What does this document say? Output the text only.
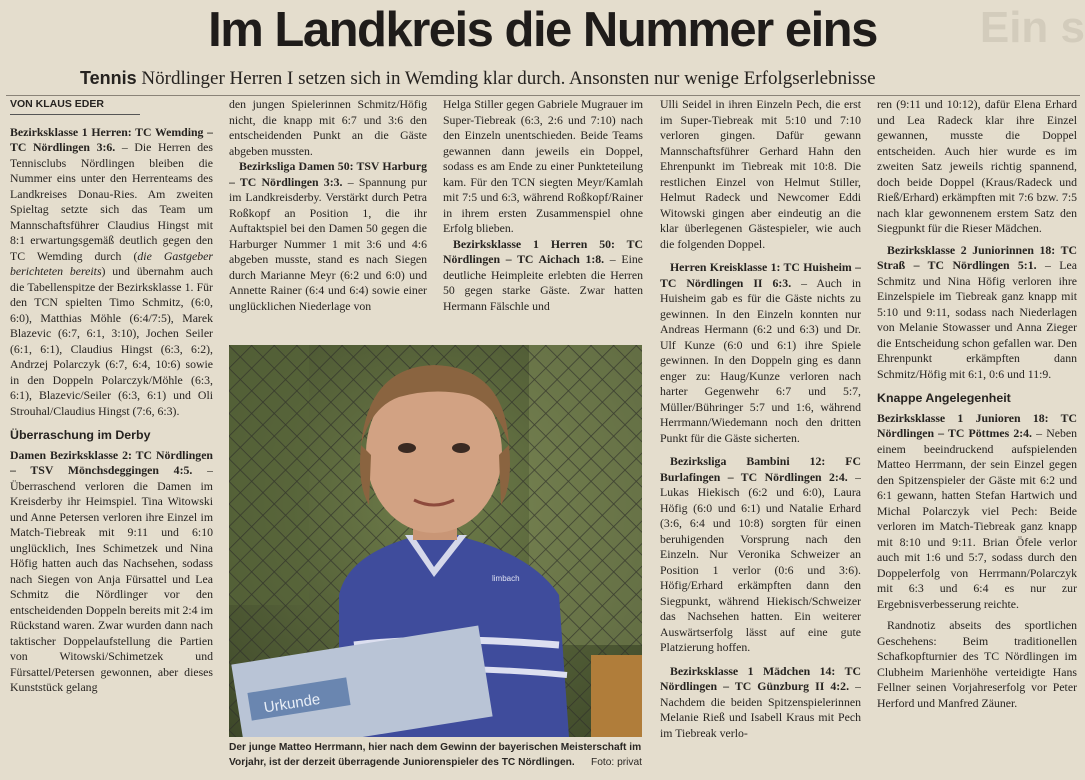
Ein s
Im Landkreis die Nummer eins
Tennis Nördlinger Herren I setzen sich in Wemding klar durch. Ansonsten nur wenige Erfolgserlebnisse
VON KLAUS EDER

Bezirksklasse 1 Herren: TC Wemding – TC Nördlingen 3:6. – Die Herren des Tennisclubs Nördlingen bleiben die Nummer eins unter den Herrenteams des Landkreises Donau-Ries. Am zweiten Spieltag setzte sich das Team um Mannschaftsführer Claudius Hingst mit 8:1 erwartungsgemäß deutlich gegen den TC Wemding durch (die Gastgeber berichteten bereits) und übernahm auch die Tabellenspitze der Bezirksklasse 1. Für den TCN spielten Timo Schmitz, (6:0, 6:0), Matthias Möhle (6:4/7:5), Marek Blazevic (6:7, 6:1, 3:10), Jochen Seiler (6:1, 6:1), Claudius Hingst (6:3, 6:2), Andrzej Polarczyk (6:7, 6:4, 10:6) sowie in den Doppeln Polarczyk/Möhle (6:3, 6:1), Blazevic/Seiler (6:3, 6:1) und Oli Strouhal/Claudius Hingst (7:6, 6:3).

Überraschung im Derby

Damen Bezirksklasse 2: TC Nördlingen – TSV Mönchsdeggingen 4:5. – Überraschend verloren die Damen im Kreisderby ihr Heimspiel. Tina Witowski und Anne Petersen verloren ihre Einzel im Match-Tiebreak mit 9:11 und 6:10 unglücklich, Ines Schimetzek und Nina Höfig hatten auch das Nachsehen, sodass nach Siegen von Anja Fürsattel und Lea Schmitz die Nördlinger vor den entscheidenden Doppeln bereits mit 2:4 im Rückstand waren. Zwar wurden dann nach taktischer Doppelaufstellung die Partien von Witowski/Schimetzek und Fürsattel/Petersen gewonnen, aber dieses Kunststück gelang

den jungen Spielerinnen Schmitz/Höfig nicht, die knapp mit 6:7 und 3:6 den entscheidenden Punkt an die Gäste abgeben mussten.

Bezirksliga Damen 50: TSV Harburg – TC Nördlingen 3:3. – Spannung pur im Landkreisderby. Verstärkt durch Petra Roßkopf an Position 1, die ihr Auftaktspiel bei den Damen 50 gegen die Harburger Nummer 1 mit 3:6 und 4:6 abgeben musste, stand es nach Siegen durch Marianne Meyr (6:2 und 6:0) und Annette Rainer (6:4 und 6:4) sowie einer unglücklichen Niederlage von

Helga Stiller gegen Gabriele Mugrauer im Super-Tiebreak (6:3, 2:6 und 7:10) nach den Einzeln unentschieden. Beide Teams gewannen dann jeweils ein Doppel, sodass es am Ende zu einer Punkteteilung kam. Für den TCN siegten Meyr/Kamlah mit 7:5 und 6:3, während Roßkopf/Rainer in ihrem ersten Zusammenspiel ohne Erfolg blieben.

Bezirksklasse 1 Herren 50: TC Nördlingen – TC Aichach 1:8. – Eine deutliche Heimpleite erlebten die Herren 50 gegen starke Gäste. Zwar hatten Hermann Fälschle und

Ulli Seidel in ihren Einzeln Pech, die erst im Super-Tiebreak mit 5:10 und 7:10 verloren gingen. Dafür gewann Mannschaftsführer Gerhard Hahn den Ehrenpunkt im Tiebreak mit 10:8. Die restlichen Einzel von Helmut Stiller, Helmut Radeck und Newcomer Eddi Witowski gingen aber eindeutig an die klar überlegenen Gästespieler, wie auch die folgenden Doppel.

Herren Kreisklasse 1: TC Huisheim – TC Nördlingen II 6:3. – Auch in Huisheim gab es für die Gäste nichts zu gewinnen. In den Einzeln konnten nur Andreas Hermann (6:2 und 6:3) und Dr. Ulf Kunze (6:0 und 6:1) ihre Spiele gewinnen. In den Doppeln ging es dann enger zu: Haug/Kunze verloren nach harter Gegenwehr 6:7 und 5:7, Müller/Bühringer 5:7 und 1:6, während Herrmann/Wiedemann noch den dritten Punkt für die Gäste sicherten.

Bezirksliga Bambini 12: FC Burlafingen – TC Nördlingen 2:4. – Lukas Hiekisch (6:2 und 6:0), Laura Höfig (6:0 und 6:1) und Natalie Erhard (3:6, 6:4 und 10:8) sorgten für einen beruhigenden Vorsprung nach den Einzeln. Nur Veronika Schweizer an Position 1 verlor (0:6 und 3:6). Höfig/Erhard erkämpften dann den Siegpunkt, während Hiekisch/Schweizer das Nachsehen hatten. Ein weiterer Auswärtserfolg lässt auf eine gute Platzierung hoffen.

Bezirksklasse 1 Mädchen 14: TC Nördlingen – TC Günzburg II 4:2. – Nachdem die beiden Spitzenspielerinnen Melanie Rieß und Isabell Kraus mit Pech im Tiebreak verlo-

ren (9:11 und 10:12), dafür Elena Erhard und Lea Radeck klar ihre Einzel gewannen, musste die Doppel entscheiden. Auch hier wurde es im zweiten Satz jeweils richtig spannend, doch beide Doppel (Kraus/Radeck und Rieß/Erhard) erkämpften mit 7:6 bzw. 7:5 nach klar gewonnenem erstem Satz den Siegpunkt für die Rieser Mädchen.

Bezirksklasse 2 Juniorinnen 18: TC Straß – TC Nördlingen 5:1. – Lea Schmitz und Nina Höfig verloren ihre Einzelspiele im Tiebreak ganz knapp mit 5:10 und 9:11, sodass nach Niederlagen von Melanie Stowasser und Anna Zieger die Entscheidung schon gefallen war. Den Ehrenpunkt erkämpften dann Schmitz/Höfig mit 6:1, 0:6 und 11:9.

Knappe Angelegenheit

Bezirksklasse 1 Junioren 18: TC Nördlingen – TC Pöttmes 2:4. – Neben einem beeindruckend aufspielenden Matteo Herrmann, der sein Einzel gegen den Spitzenspieler der Gäste mit 6:2 und 6:1 gewann, hatten Stefan Hartwich und Michal Polarczyk viel Pech: Beide verloren im Match-Tiebreak ganz knapp mit 8:10 und 9:11. Brian Öfele verlor auch mit 1:6 und 5:7, sodass durch den Doppelerfolg von Herrmann/Polarczyk mit 6:3 und 6:4 es nur zur Ergebnisverbesserung reichte.

Randnotiz abseits des sportlichen Geschehens: Beim traditionellen Schafkopfturnier des TC Nördlingen im Clubheim Marienhöhe verteidigte Hans Fellner seinen Vorjahreserfolg vor Peter Herford und Manfred Zäuner.

limbach
Urkunde
Der junge Matteo Herrmann, hier nach dem Gewinn der bayerischen Meisterschaft im Vorjahr, ist der derzeit überragende Juniorenspieler des TC Nördlingen. Foto: privat
